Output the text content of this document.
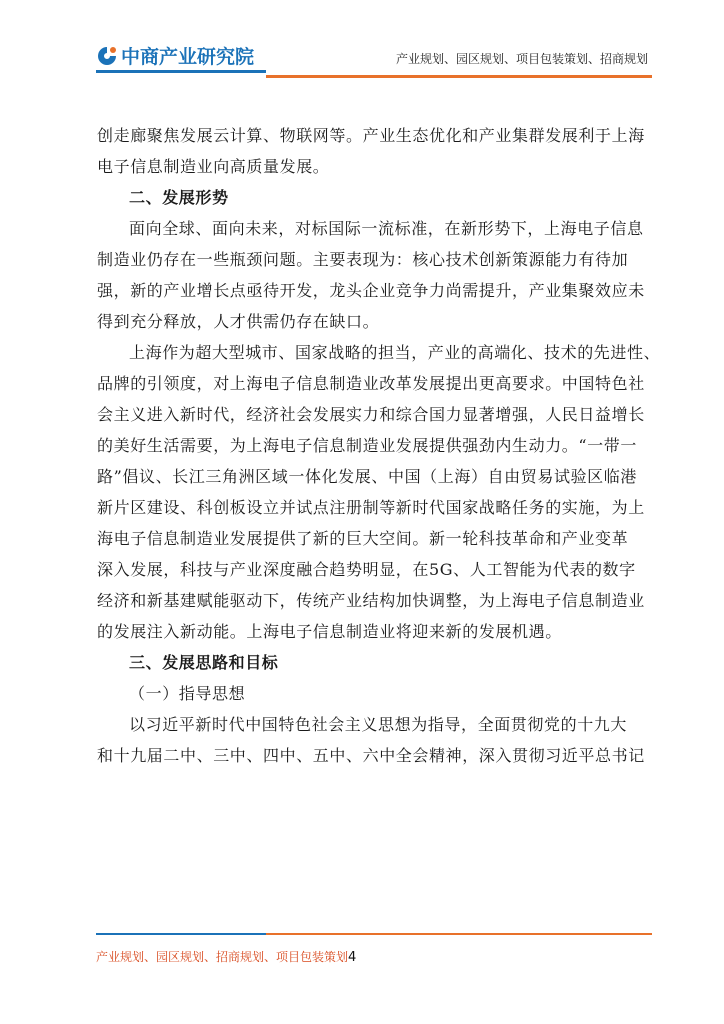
中商产业研究院	产业规划、园区规划、项目包装策划、招商规划
创走廊聚焦发展云计算、物联网等。产业生态优化和产业集群发展利于上海
电子信息制造业向高质量发展。
二、发展形势
面向全球、面向未来，对标国际一流标准，在新形势下，上海电子信息
制造业仍存在一些瓶颈问题。主要表现为：核心技术创新策源能力有待加
强，新的产业增长点亟待开发，龙头企业竞争力尚需提升，产业集聚效应未
得到充分释放，人才供需仍存在缺口。
上海作为超大型城市、国家战略的担当，产业的高端化、技术的先进性、
品牌的引领度，对上海电子信息制造业改革发展提出更高要求。中国特色社
会主义进入新时代，经济社会发展实力和综合国力显著增强，人民日益增长
的美好生活需要，为上海电子信息制造业发展提供强劲内生动力。“一带一
路”倡议、长江三角洲区域一体化发展、中国（上海）自由贸易试验区临港
新片区建设、科创板设立并试点注册制等新时代国家战略任务的实施，为上
海电子信息制造业发展提供了新的巨大空间。新一轮科技革命和产业变革
深入发展，科技与产业深度融合趋势明显，在5G、人工智能为代表的数字
经济和新基建赋能驱动下，传统产业结构加快调整，为上海电子信息制造业
的发展注入新动能。上海电子信息制造业将迎来新的发展机遇。
三、发展思路和目标
（一）指导思想
以习近平新时代中国特色社会主义思想为指导，全面贯彻党的十九大
和十九届二中、三中、四中、五中、六中全会精神，深入贯彻习近平总书记
产业规划、园区规划、招商规划、项目包装策划4
